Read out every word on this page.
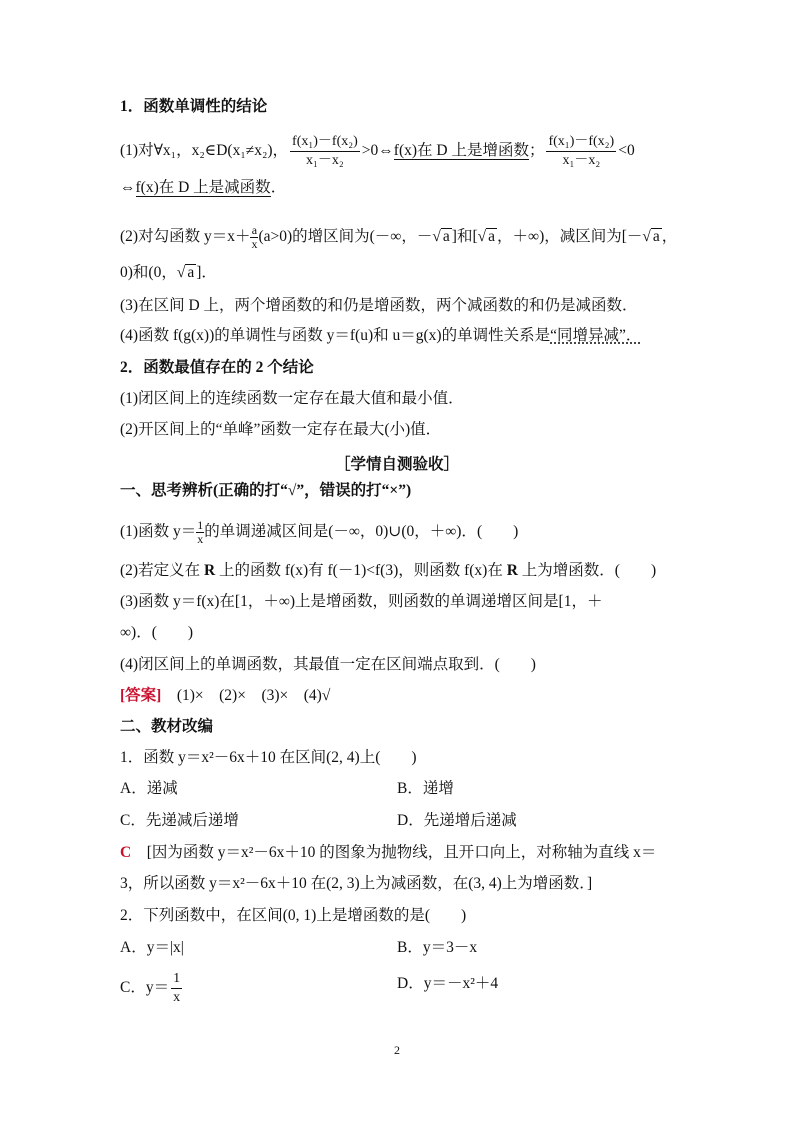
1．函数单调性的结论
(1)对∀x₁，x₂∈D(x₁≠x₂)， $\frac{\text{f(x₁)－f(x₂)}}{\text{x₁－x₂}}$ >0⇔f(x)在 D 上是增函数； $\frac{\text{f(x₁)－f(x₂)}}{\text{x₁－x₂}} <0$
⇔f(x)在 D 上是减函数．
(2)对勾函数 $y=x+ \frac{a}{x} (a>0)$的增区间为(－∞，－√ a ]和[√ a ，＋∞)，减区间为[－√ a ，
0)和(0，√ a ]．
(3)在区间 D 上，两个增函数的和仍是增函数，两个减函数的和仍是减函数．
(4)函数 f(g(x))的单调性与函数 y＝f(u)和 u＝g(x)的单调性关系是“同增异减”．
2．函数最值存在的 2 个结论
(1)闭区间上的连续函数一定存在最大值和最小值．
(2)开区间上的“单峰”函数一定存在最大(小)值．
［学情自测验收］
一、思考辨析(正确的打“√”，错误的打“×”)
(1)函数 $y= \frac{1}{x}$ 的单调递减区间是(－∞，0)∪(0，＋∞)．(　　)
(2)若定义在 R 上的函数 f(x)有 f(－1)<f(3)，则函数 f(x)在 R 上为增函数．(　　)
(3)函数 y＝f(x)在[1，＋∞)上是增函数，则函数的单调递增区间是[1，＋
∞)．(　　)
(4)闭区间上的单调函数，其最值一定在区间端点取到．(　　)
[答案]　(1)×　(2)×　(3)×　(4)√
二、教材改编
1．函数 y＝x²－6x＋10 在区间(2, 4)上(　　)
A．递减	B．递增
C．先递减后递增	D．先递增后递减
C　[因为函数 y＝x²－6x＋10 的图象为抛物线，且开口向上，对称轴为直线 x＝
3，所以函数 y＝x²－6x＋10 在(2, 3)上为减函数，在(3, 4)上为增函数．]
2．下列函数中，在区间(0, 1)上是增函数的是(　　)
A．y＝|x|	B．y＝3－x
C．$y= \frac{1}{x}$	D．y＝－x²＋4
2
